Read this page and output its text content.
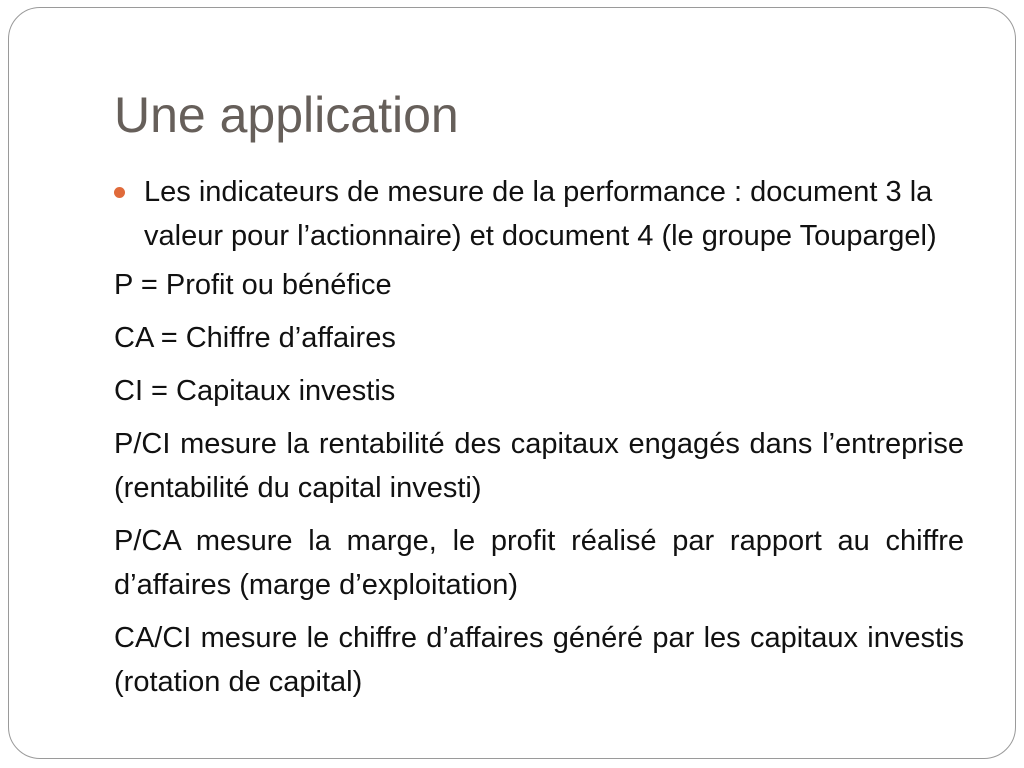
Une application
Les indicateurs de mesure de la performance : document 3 la valeur pour l’actionnaire) et document 4 (le groupe Toupargel)

P = Profit ou bénéfice

CA = Chiffre d’affaires

CI = Capitaux investis

P/CI mesure la rentabilité des capitaux engagés dans l’entreprise (rentabilité du capital investi)

P/CA mesure la marge, le profit réalisé par rapport au chiffre d’affaires (marge d’exploitation)

CA/CI mesure le chiffre d’affaires généré par les capitaux investis (rotation de capital)
